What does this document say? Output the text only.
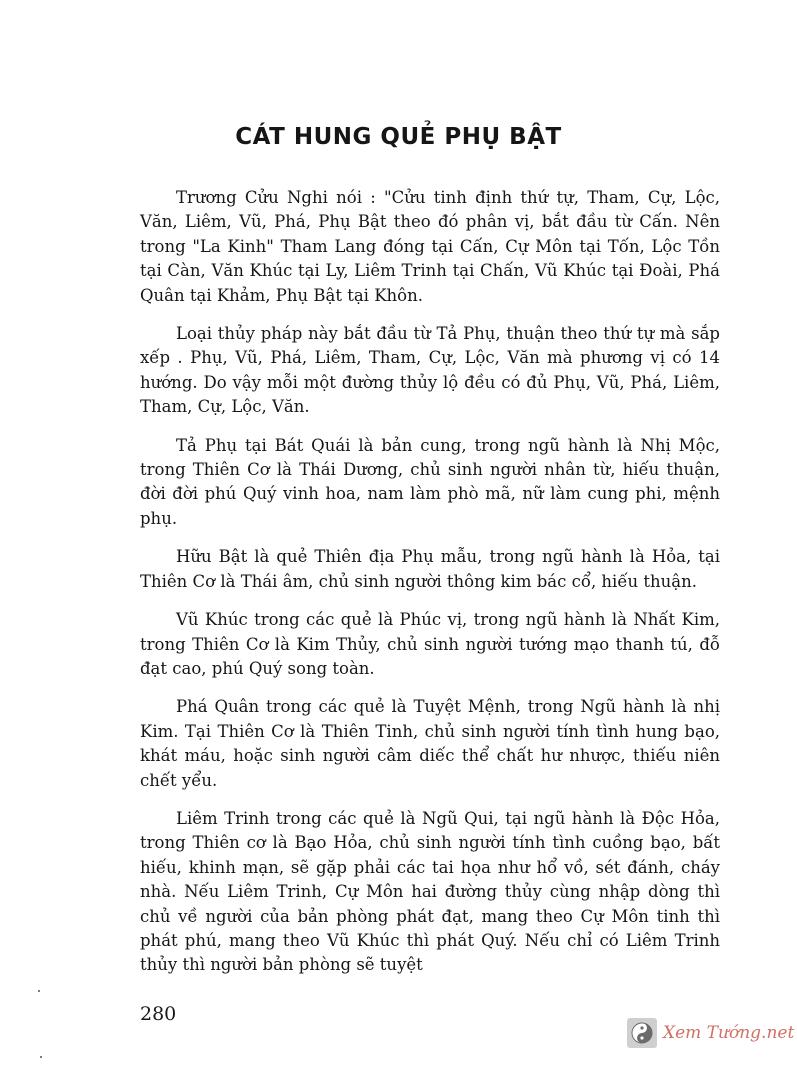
CÁT HUNG QUẺ PHỤ BẬT

Trương Cửu Nghi nói : "Cửu tinh định thứ tự, Tham, Cự, Lộc, Văn, Liêm, Vũ, Phá, Phụ Bật theo đó phân vị, bắt đầu từ Cấn. Nên trong "La Kinh" Tham Lang đóng tại Cấn, Cự Môn tại Tốn, Lộc Tồn tại Càn, Văn Khúc tại Ly, Liêm Trinh tại Chấn, Vũ Khúc tại Đoài, Phá Quân tại Khảm, Phụ Bật tại Khôn.

Loại thủy pháp này bắt đầu từ Tả Phụ, thuận theo thứ tự mà sắp xếp . Phụ, Vũ, Phá, Liêm, Tham, Cự, Lộc, Văn mà phương vị có 14 hướng. Do vậy mỗi một đường thủy lộ đều có đủ Phụ, Vũ, Phá, Liêm, Tham, Cự, Lộc, Văn.

Tả Phụ tại Bát Quái là bản cung, trong ngũ hành là Nhị Mộc, trong Thiên Cơ là Thái Dương, chủ sinh người nhân từ, hiếu thuận, đời đời phú Quý vinh hoa, nam làm phò mã, nữ làm cung phi, mệnh phụ.

Hữu Bật là quẻ Thiên địa Phụ mẫu, trong ngũ hành là Hỏa, tại Thiên Cơ là Thái âm, chủ sinh người thông kim bác cổ, hiếu thuận.

Vũ Khúc trong các quẻ là Phúc vị, trong ngũ hành là Nhất Kim, trong Thiên Cơ là Kim Thủy, chủ sinh người tướng mạo thanh tú, đỗ đạt cao, phú Quý song toàn.

Phá Quân trong các quẻ là Tuyệt Mệnh, trong Ngũ hành là nhị Kim. Tại Thiên Cơ là Thiên Tinh, chủ sinh người tính tình hung bạo, khát máu, hoặc sinh người câm diếc thể chất hư nhược, thiếu niên chết yểu.

Liêm Trinh trong các quẻ là Ngũ Qui, tại ngũ hành là Độc Hỏa, trong Thiên cơ là Bạo Hỏa, chủ sinh người tính tình cuồng bạo, bất hiếu, khinh mạn, sẽ gặp phải các tai họa như hổ vồ, sét đánh, cháy nhà. Nếu Liêm Trinh, Cự Môn hai đường thủy cùng nhập dòng thì chủ về người của bản phòng phát đạt, mang theo Cự Môn tinh thì phát phú, mang theo Vũ Khúc thì phát Quý. Nếu chỉ có Liêm Trinh thủy thì người bản phòng sẽ tuyệt

280
Xem Tướng.net
